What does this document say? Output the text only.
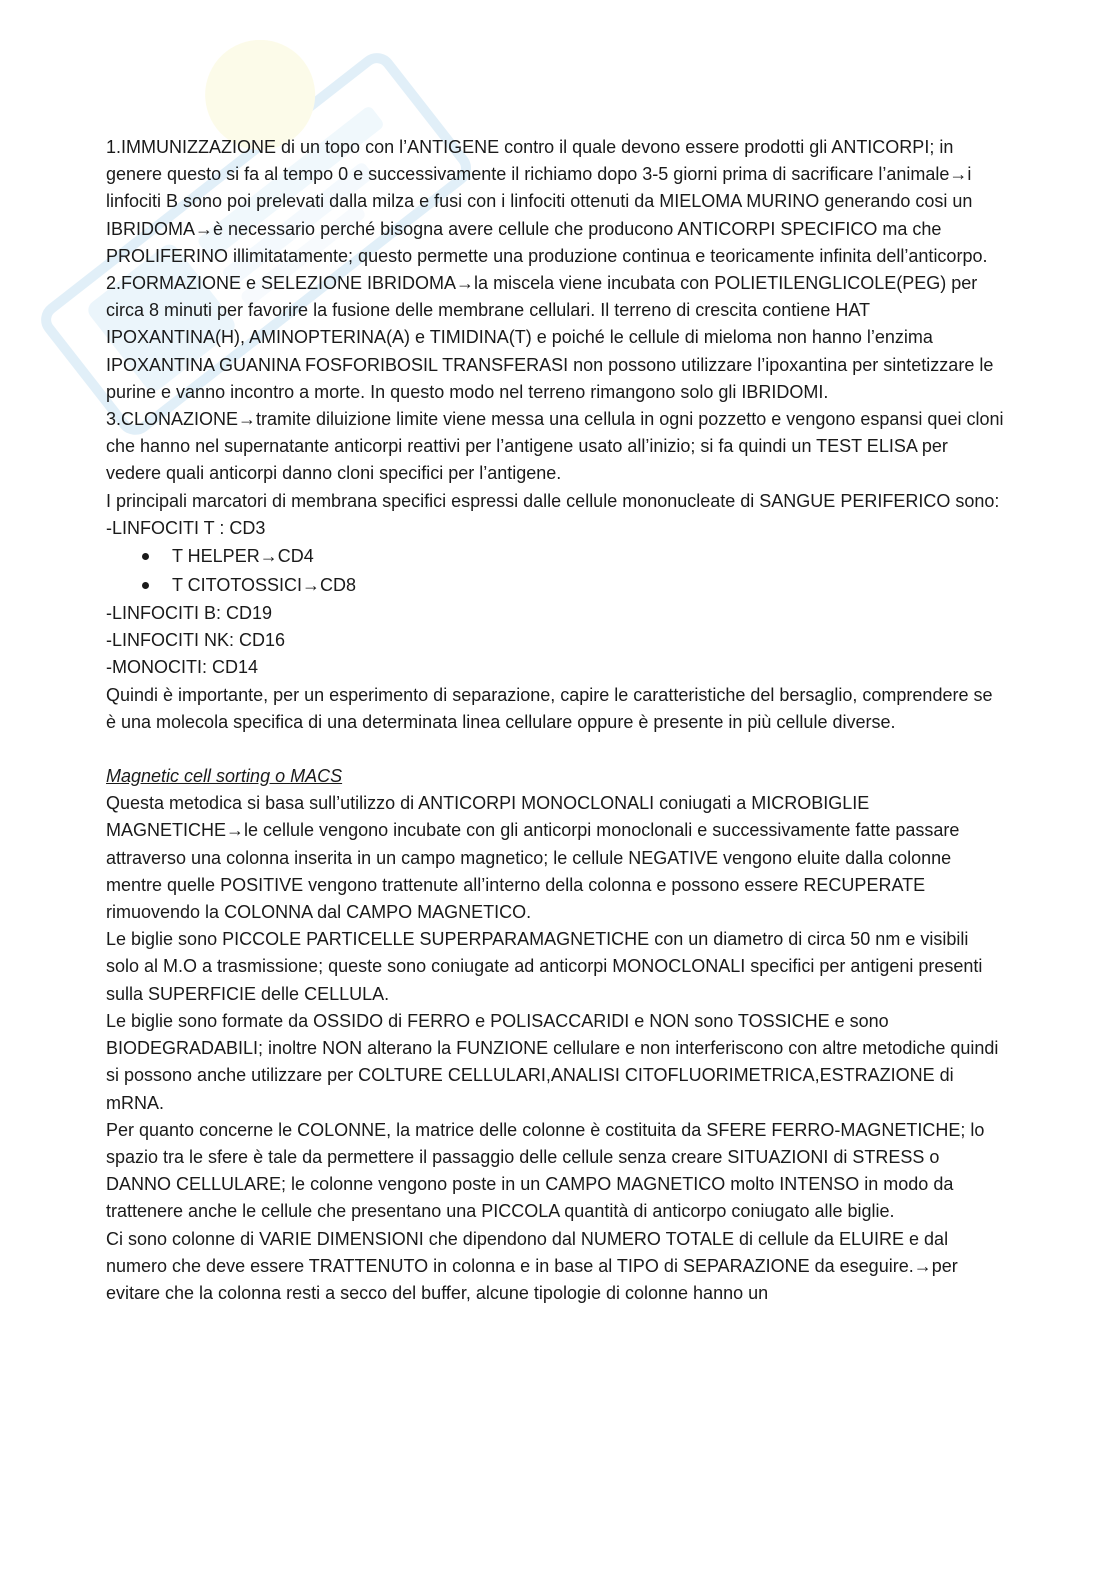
1.IMMUNIZZAZIONE di un topo con l’ANTIGENE contro il quale devono essere prodotti gli ANTICORPI; in genere questo si fa al tempo 0 e successivamente il richiamo dopo 3-5 giorni prima di sacrificare l’animale→i linfociti B sono poi prelevati dalla milza e fusi con i linfociti ottenuti da MIELOMA MURINO generando cosi un IBRIDOMA→è necessario perché bisogna avere cellule che producono ANTICORPI SPECIFICO ma che PROLIFERINO illimitatamente; questo permette una produzione continua e teoricamente infinita dell’anticorpo.

2.FORMAZIONE e SELEZIONE IBRIDOMA→la miscela viene incubata con POLIETILENGLICOLE(PEG) per circa 8 minuti per favorire la fusione delle membrane cellulari. Il terreno di crescita contiene HAT IPOXANTINA(H), AMINOPTERINA(A) e TIMIDINA(T) e poiché le cellule di mieloma non hanno l’enzima IPOXANTINA GUANINA FOSFORIBOSIL TRANSFERASI non possono utilizzare l’ipoxantina per sintetizzare le purine e vanno incontro a morte. In questo modo nel terreno rimangono solo gli IBRIDOMI.

3.CLONAZIONE→tramite diluizione limite viene messa una cellula in ogni pozzetto e vengono espansi quei cloni che hanno nel supernatante anticorpi reattivi per l’antigene usato all’inizio; si fa quindi un TEST ELISA per vedere quali anticorpi danno cloni specifici per l’antigene.

I principali marcatori di membrana specifici espressi dalle cellule mononucleate di SANGUE PERIFERICO sono:

-LINFOCITI T : CD3

T HELPER→CD4
T CITOTOSSICI→CD8

-LINFOCITI B: CD19

-LINFOCITI NK: CD16

-MONOCITI: CD14

Quindi è importante, per un esperimento di separazione, capire le caratteristiche del bersaglio, comprendere se è una molecola specifica di una determinata linea cellulare oppure è presente in più cellule diverse.

Magnetic cell sorting o MACS

Questa metodica si basa sull’utilizzo di ANTICORPI MONOCLONALI coniugati a MICROBIGLIE MAGNETICHE→le cellule vengono incubate con gli anticorpi monoclonali e successivamente fatte passare attraverso una colonna inserita in un campo magnetico; le cellule NEGATIVE vengono eluite dalla colonne mentre quelle POSITIVE vengono trattenute all’interno della colonna e possono essere RECUPERATE rimuovendo la COLONNA dal CAMPO MAGNETICO.

Le biglie sono PICCOLE PARTICELLE SUPERPARAMAGNETICHE con un diametro di circa 50 nm e visibili solo al M.O a trasmissione; queste sono coniugate ad anticorpi MONOCLONALI specifici per antigeni presenti sulla SUPERFICIE delle CELLULA.

Le biglie sono formate da OSSIDO di FERRO e POLISACCARIDI e NON sono TOSSICHE e sono BIODEGRADABILI; inoltre NON alterano la FUNZIONE cellulare e non interferiscono con altre metodiche quindi si possono anche utilizzare per COLTURE CELLULARI,ANALISI CITOFLUORIMETRICA,ESTRAZIONE di mRNA.

Per quanto concerne le COLONNE, la matrice delle colonne è costituita da SFERE FERRO-MAGNETICHE; lo spazio tra le sfere è tale da permettere il passaggio delle cellule senza creare SITUAZIONI di STRESS o DANNO CELLULARE; le colonne vengono poste in un CAMPO MAGNETICO molto INTENSO in modo da trattenere anche le cellule che presentano una PICCOLA quantità di anticorpo coniugato alle biglie.

Ci sono colonne di VARIE DIMENSIONI che dipendono dal NUMERO TOTALE di cellule da ELUIRE e dal numero che deve essere TRATTENUTO in colonna e in base al TIPO di SEPARAZIONE da eseguire.→per evitare che la colonna resti a secco del buffer, alcune tipologie di colonne hanno un
